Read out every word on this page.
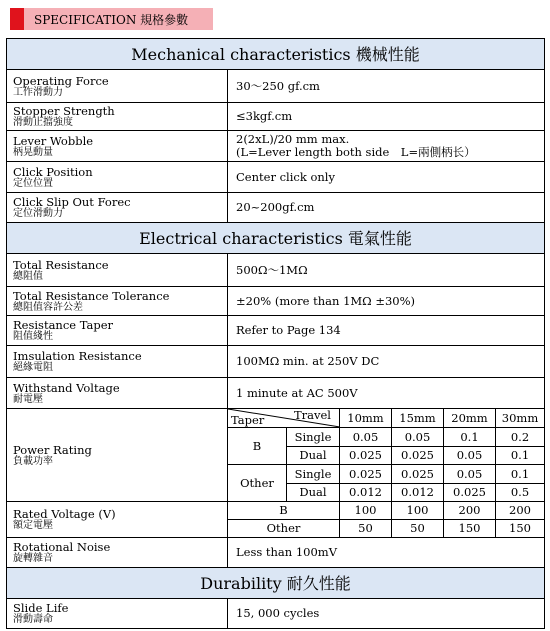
SPECIFICATION 規格參數
Mechanical characteristics 機械性能						

Operating Force
工作滑動力	30～250 gf.cm					

Stopper Strength
滑動止擋強度	≤3kgf.cm					

Lever Wobble
柄晃動量	2(2xL)/20 mm max.
(L=Lever length both side　L=兩側柄长）					

Click Position
定位位置	Center click only					

Click Slip Out Forec
定位滑動力	20~200gf.cm					
Electrical characteristics 電氣性能						

Total Resistance
總阻值	500Ω～1MΩ					

Total Resistance Tolerance
總阻值容許公差	±20% (more than 1MΩ ±30%)					

Resistance Taper
阻值綫性	Refer to Page 134					

Imsulation Resistance
絕緣電阻	100MΩ min. at 250V DC					

Withstand Voltage
耐電壓	1 minute at AC 500V					

Power Rating
負載功率	Travel
Taper		10mm	15mm	20mm	30mm
	B	Single	0.05	0.05	0.1	0.2
		Dual	0.025	0.025	0.05	0.1
	Other	Single	0.025	0.025	0.05	0.1
		Dual	0.012	0.012	0.025	0.5

Rated Voltage (V)
額定電壓	B		100	100	200	200
	Other		50	50	150	150

Rotational Noise
旋轉雜音	Less than 100mV					
Durability 耐久性能						

Slide Life
滑動壽命	15, 000 cycles					
